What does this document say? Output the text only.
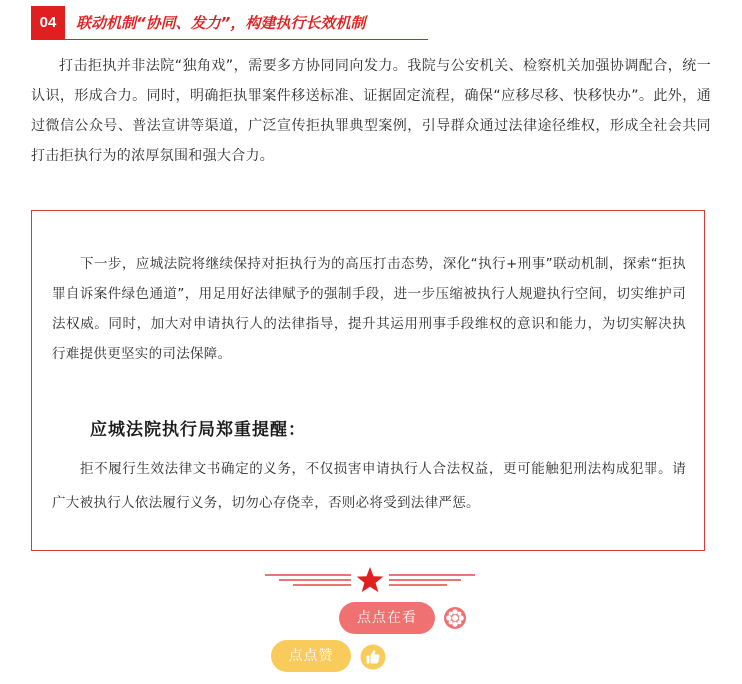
04	联动机制“协同、发力”，构建执行长效机制

打击拒执并非法院“独角戏”，需要多方协同同向发力。我院与公安机关、检察机关加强协调配合，统一认识，形成合力。同时，明确拒执罪案件移送标准、证据固定流程，确保“应移尽移、快移快办”。此外，通过微信公众号、普法宣讲等渠道，广泛宣传拒执罪典型案例，引导群众通过法律途径维权，形成全社会共同打击拒执行为的浓厚氛围和强大合力。

下一步，应城法院将继续保持对拒执行为的高压打击态势，深化“执行+刑事”联动机制，探索“拒执罪自诉案件绿色通道”，用足用好法律赋予的强制手段，进一步压缩被执行人规避执行空间，切实维护司法权威。同时，加大对申请执行人的法律指导，提升其运用刑事手段维权的意识和能力，为切实解决执行难提供更坚实的司法保障。

应城法院执行局郑重提醒：

拒不履行生效法律文书确定的义务，不仅损害申请执行人合法权益，更可能触犯刑法构成犯罪。请广大被执行人依法履行义务，切勿心存侥幸，否则必将受到法律严惩。

点点在看
点点赞
